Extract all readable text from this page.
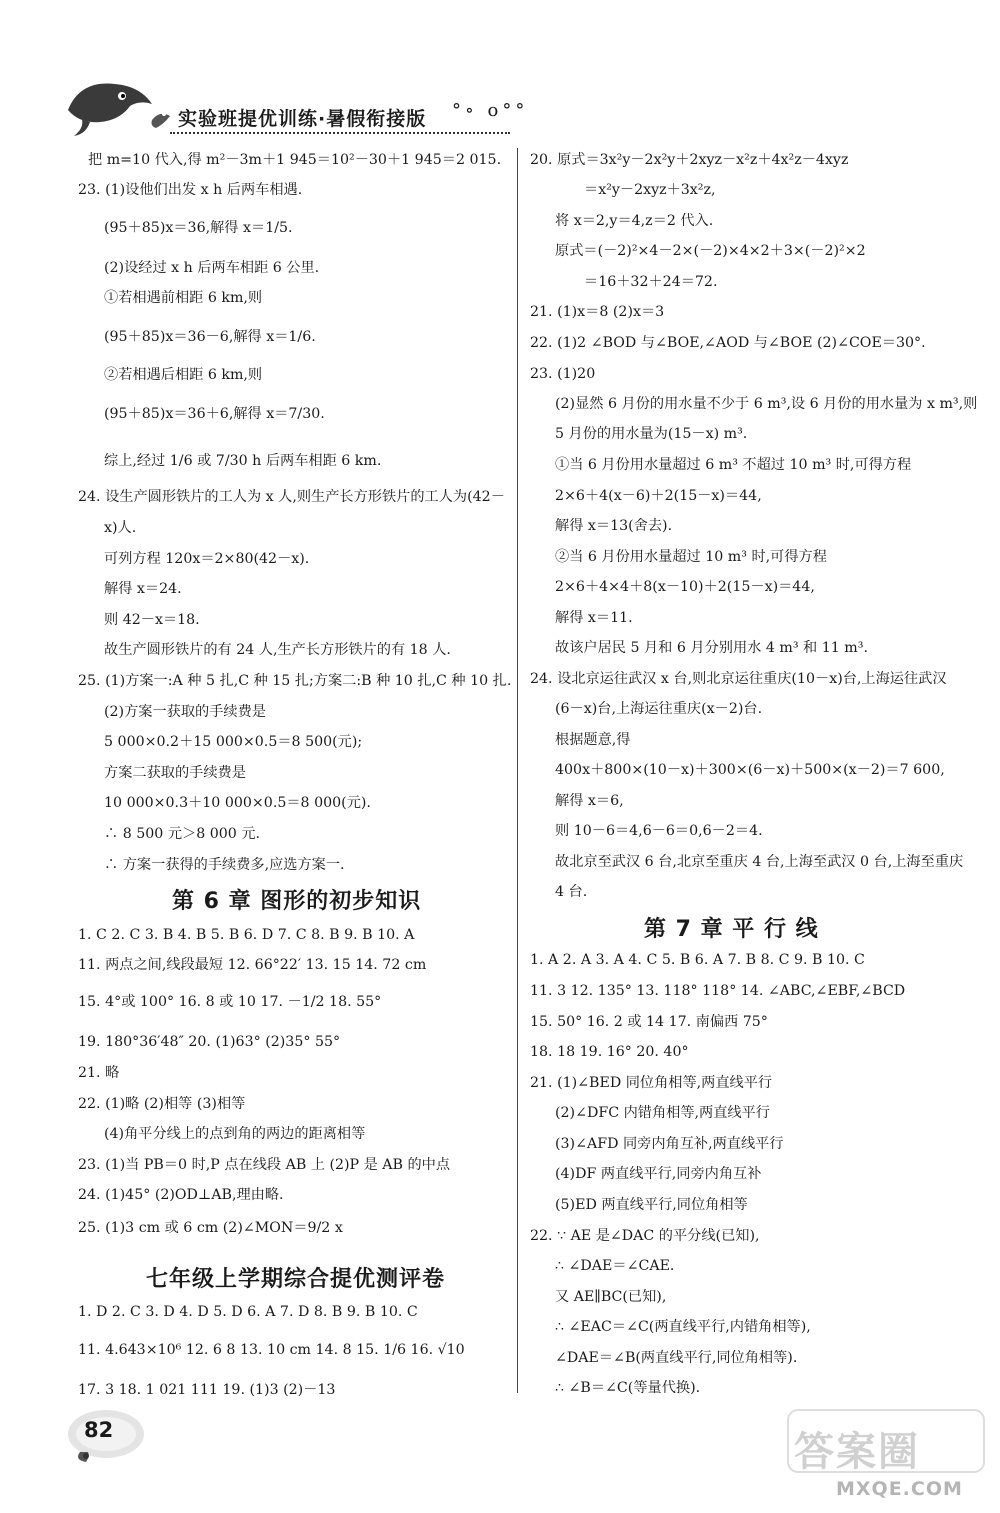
实验班提优训练·暑假衔接版 °∘ o°°
把 m=10 代入,得 m²－3m＋1 945＝10²－30＋1 945＝2 015.
23. (1)设他们出发 x h 后两车相遇.
(95＋85)x＝36,解得 x＝1/5.
(2)设经过 x h 后两车相距 6 公里.
①若相遇前相距 6 km,则
(95＋85)x＝36－6,解得 x＝1/6.
②若相遇后相距 6 km,则
(95＋85)x＝36＋6,解得 x＝7/30.
综上,经过 1/6 或 7/30 h 后两车相距 6 km.
24. 设生产圆形铁片的工人为 x 人,则生产长方形铁片的工人为(42－
x)人.
可列方程 120x＝2×80(42－x).
解得 x＝24.
则 42－x＝18.
故生产圆形铁片的有 24 人,生产长方形铁片的有 18 人.
25. (1)方案一:A 种 5 扎,C 种 15 扎;方案二:B 种 10 扎,C 种 10 扎.
(2)方案一获取的手续费是
5 000×0.2＋15 000×0.5＝8 500(元);
方案二获取的手续费是
10 000×0.3＋10 000×0.5＝8 000(元).
∴ 8 500 元＞8 000 元.
∴ 方案一获得的手续费多,应选方案一.
第 6 章 图形的初步知识
1. C 2. C 3. B 4. B 5. B 6. D 7. C 8. B 9. B 10. A
11. 两点之间,线段最短 12. 66°22′ 13. 15 14. 72 cm
15. 4°或 100° 16. 8 或 10 17. －1/2 18. 55°
19. 180°36′48″ 20. (1)63° (2)35° 55°
21. 略
22. (1)略 (2)相等 (3)相等
(4)角平分线上的点到角的两边的距离相等
23. (1)当 PB＝0 时,P 点在线段 AB 上 (2)P 是 AB 的中点
24. (1)45° (2)OD⊥AB,理由略.
25. (1)3 cm 或 6 cm (2)∠MON＝9/2 x
七年级上学期综合提优测评卷
1. D 2. C 3. D 4. D 5. D 6. A 7. D 8. B 9. B 10. C
11. 4.643×10⁶ 12. 6 8 13. 10 cm 14. 8 15. 1/6 16. √10
17. 3 18. 1 021 111 19. (1)3 (2)－13
20. 原式＝3x²y－2x²y＋2xyz－x²z＋4x²z－4xyz
＝x²y－2xyz＋3x²z,
将 x＝2,y＝4,z＝2 代入.
原式＝(－2)²×4－2×(－2)×4×2＋3×(－2)²×2
＝16＋32＋24＝72.
21. (1)x＝8 (2)x＝3
22. (1)2 ∠BOD 与∠BOE,∠AOD 与∠BOE (2)∠COE＝30°.
23. (1)20
(2)显然 6 月份的用水量不少于 6 m³,设 6 月份的用水量为 x m³,则
5 月份的用水量为(15－x) m³.
①当 6 月份用水量超过 6 m³ 不超过 10 m³ 时,可得方程
2×6＋4(x－6)＋2(15－x)＝44,
解得 x＝13(舍去).
②当 6 月份用水量超过 10 m³ 时,可得方程
2×6＋4×4＋8(x－10)＋2(15－x)＝44,
解得 x＝11.
故该户居民 5 月和 6 月分别用水 4 m³ 和 11 m³.
24. 设北京运往武汉 x 台,则北京运往重庆(10－x)台,上海运往武汉
(6－x)台,上海运往重庆(x－2)台.
根据题意,得
400x＋800×(10－x)＋300×(6－x)＋500×(x－2)＝7 600,
解得 x＝6,
则 10－6＝4,6－6＝0,6－2＝4.
故北京至武汉 6 台,北京至重庆 4 台,上海至武汉 0 台,上海至重庆
4 台.
第 7 章 平 行 线
1. A 2. A 3. A 4. C 5. B 6. A 7. B 8. C 9. B 10. C
11. 3 12. 135° 13. 118° 118° 14. ∠ABC,∠EBF,∠BCD
15. 50° 16. 2 或 14 17. 南偏西 75°
18. 18 19. 16° 20. 40°
21. (1)∠BED 同位角相等,两直线平行
(2)∠DFC 内错角相等,两直线平行
(3)∠AFD 同旁内角互补,两直线平行
(4)DF 两直线平行,同旁内角互补
(5)ED 两直线平行,同位角相等
22. ∵ AE 是∠DAC 的平分线(已知),
∴ ∠DAE＝∠CAE.
又 AE∥BC(已知),
∴ ∠EAC＝∠C(两直线平行,内错角相等),
∠DAE＝∠B(两直线平行,同位角相等).
∴ ∠B＝∠C(等量代换).
82	答案圈
MXQE.COM
